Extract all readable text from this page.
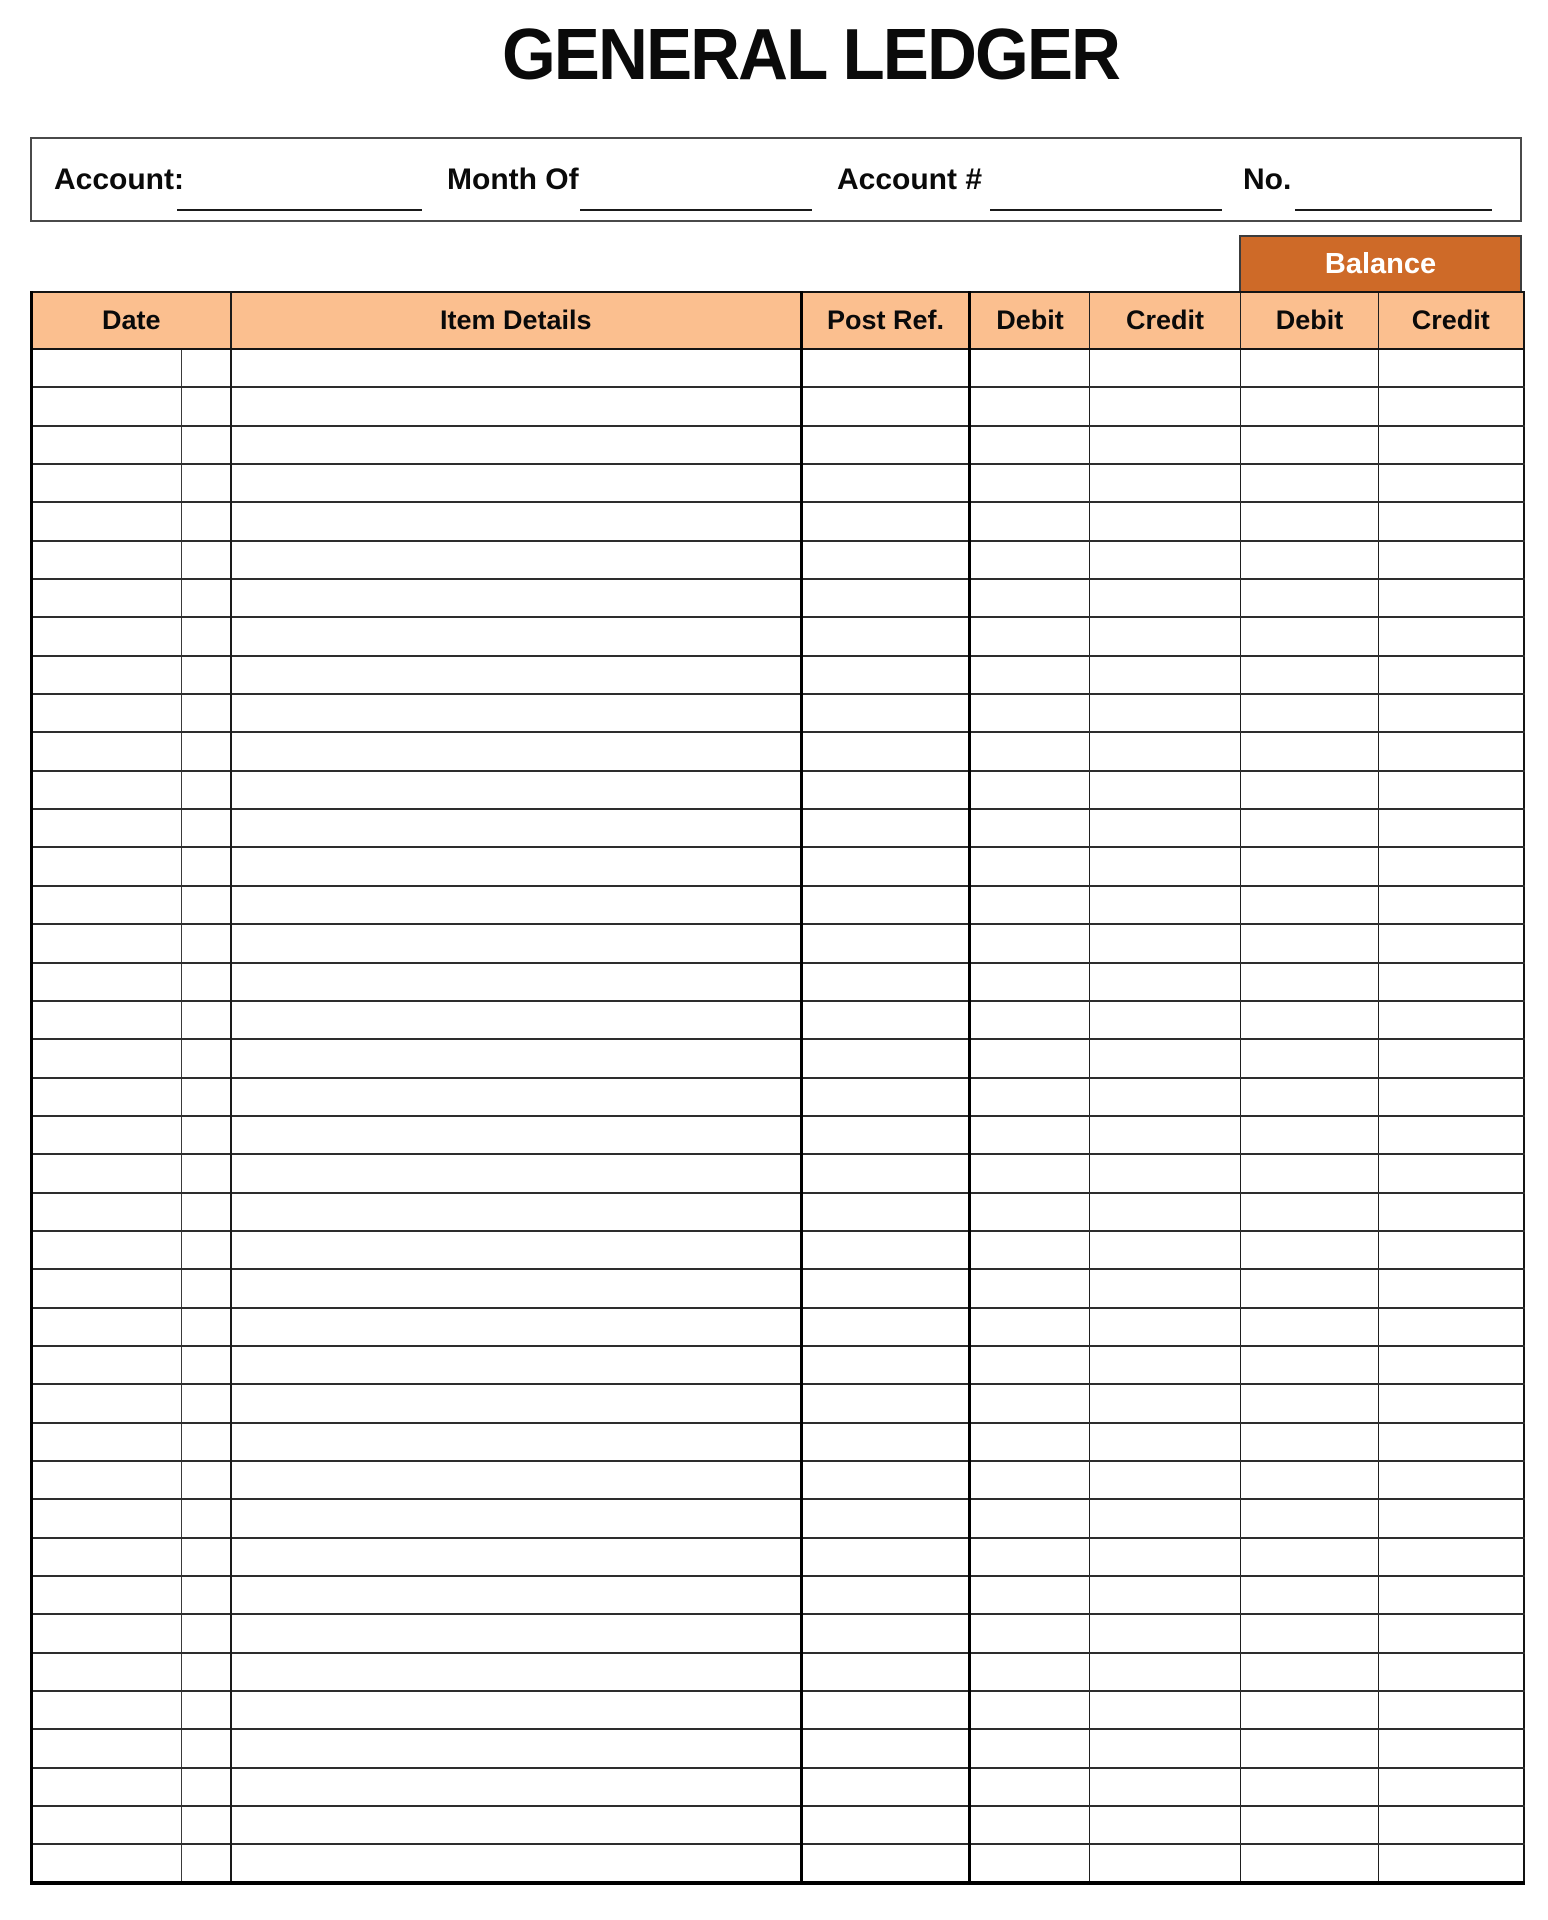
GENERAL LEDGER
Account:	Month Of	Account #	No.
Balance
Date		Item Details	Post Ref.	Debit	Credit	Debit	Credit
